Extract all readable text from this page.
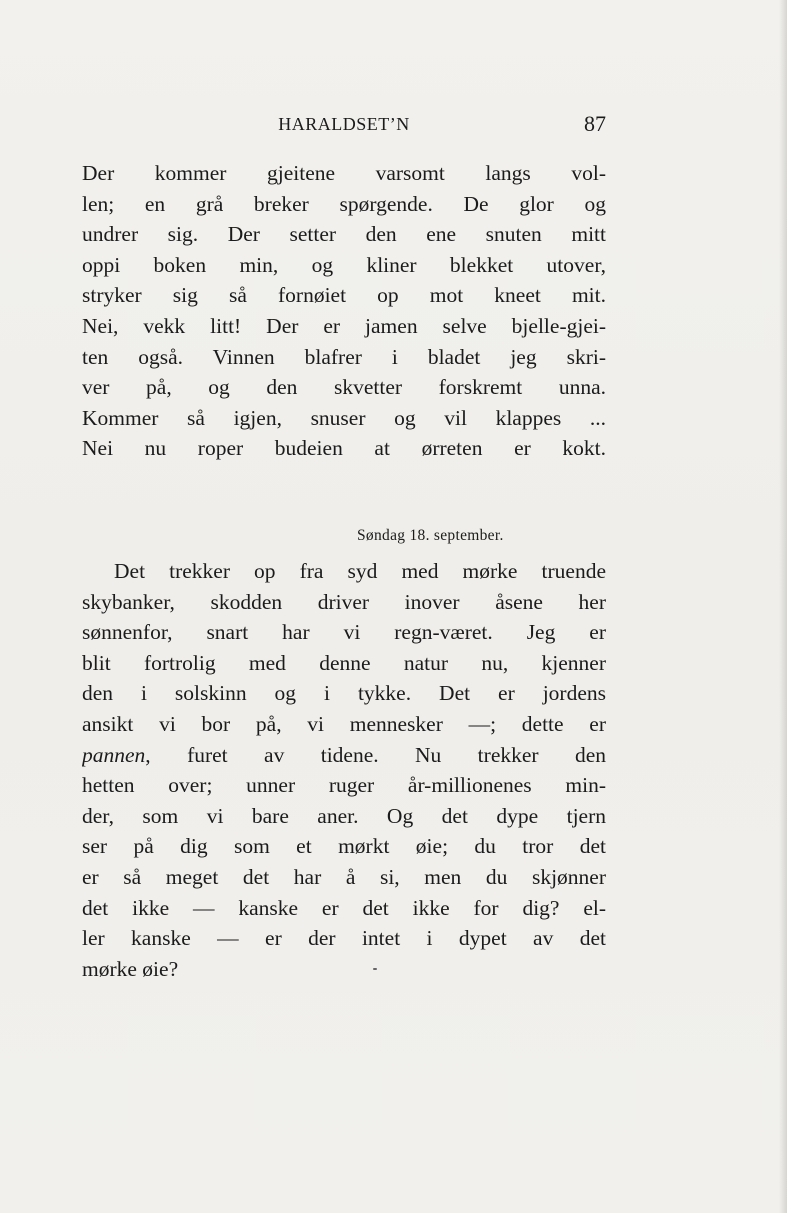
HARALDSET’N	87
Der kommer gjeitene varsomt langs vol-
len; en grå breker spørgende. De glor og
undrer sig. Der setter den ene snuten mitt
oppi boken min, og kliner blekket utover,
stryker sig så fornøiet op mot kneet mit.
Nei, vekk litt! Der er jamen selve bjelle-gjei-
ten også. Vinnen blafrer i bladet jeg skri-
ver på, og den skvetter forskremt unna.
Kommer så igjen, snuser og vil klappes ...
Nei nu roper budeien at ørreten er kokt.
Søndag 18. september.
Det trekker op fra syd med mørke truende
skybanker, skodden driver inover åsene her
sønnenfor, snart har vi regn-været. Jeg er
blit fortrolig med denne natur nu, kjenner
den i solskinn og i tykke. Det er jordens
ansikt vi bor på, vi mennesker —; dette er
pannen, furet av tidene. Nu trekker den
hetten over; unner ruger år-millionenes min-
der, som vi bare aner. Og det dype tjern
ser på dig som et mørkt øie; du tror det
er så meget det har å si, men du skjønner
det ikke — kanske er det ikke for dig? el-
ler kanske — er der intet i dypet av det
mørke øie?
